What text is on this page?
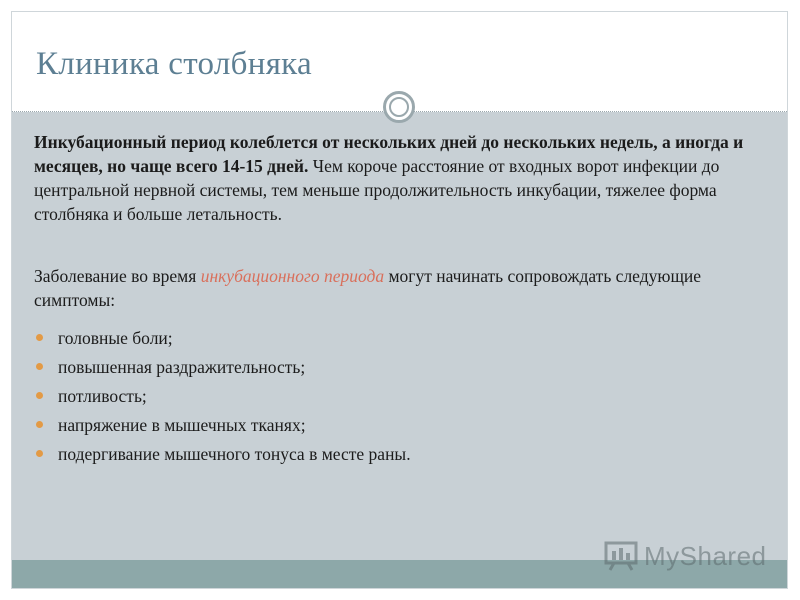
Клиника столбняка

Инкубационный период колеблется от нескольких дней до нескольких недель, а иногда и месяцев, но чаще всего 14-15 дней. Чем короче расстояние от входных ворот инфекции до центральной нервной системы, тем меньше продолжительность инкубации, тяжелее форма столбняка и больше летальность.

Заболевание во время инкубационного периода могут начинать сопровождать следующие симптомы:

головные боли;
повышенная раздражительность;
потливость;
напряжение в мышечных тканях;
подергивание мышечного тонуса в месте раны.
MyShared
